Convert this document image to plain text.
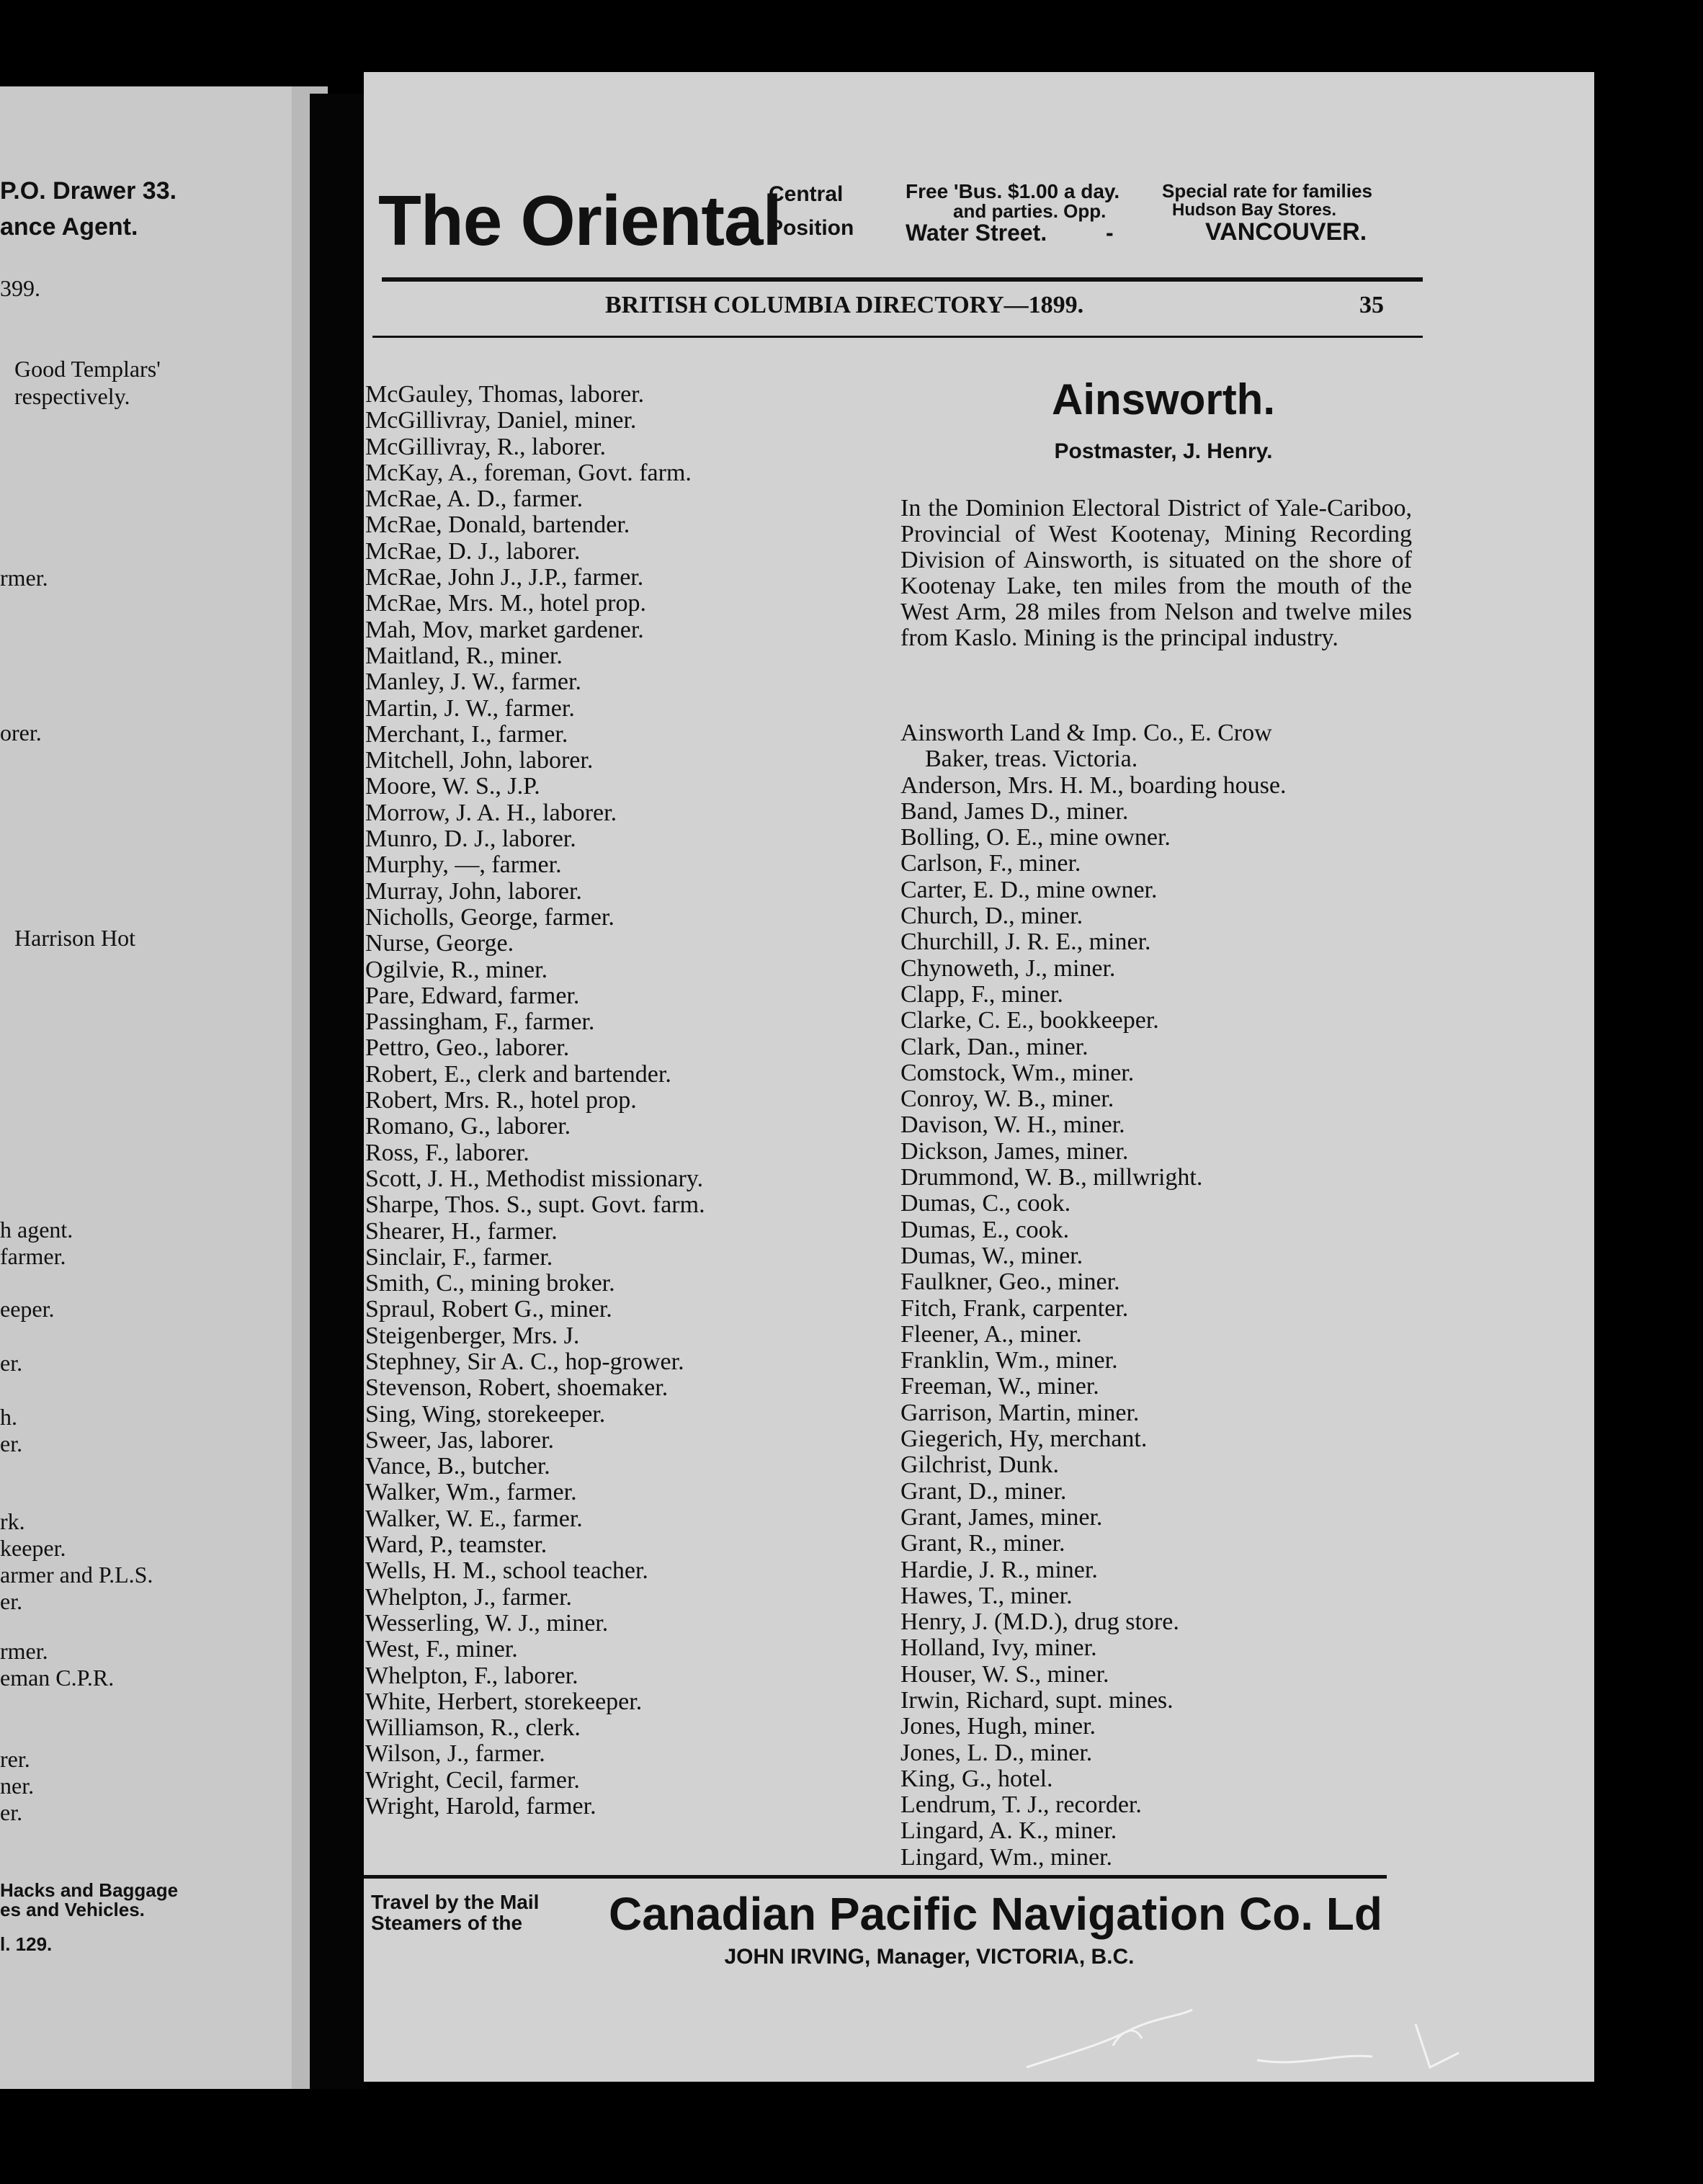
P.O. Drawer 33.
ance Agent.
399.
Good Templars'
respectively.
rmer.
orer.
Harrison Hot
h agent.
farmer.
eeper.
er.
h.
er.
rk.
keeper.
armer and P.L.S.
er.
rmer.
eman C.P.R.
rer.
ner.
er.
Hacks and Baggage
es and Vehicles.
l. 129.
The Oriental
Central
Position
Free 'Bus. $1.00 a day.
and parties. Opp.
Water Street.	-
Special rate for families
Hudson Bay Stores.
VANCOUVER.
BRITISH COLUMBIA DIRECTORY—1899.	35
McGauley, Thomas, laborer.
McGillivray, Daniel, miner.
McGillivray, R., laborer.
McKay, A., foreman, Govt. farm.
McRae, A. D., farmer.
McRae, Donald, bartender.
McRae, D. J., laborer.
McRae, John J., J.P., farmer.
McRae, Mrs. M., hotel prop.
Mah, Mov, market gardener.
Maitland, R., miner.
Manley, J. W., farmer.
Martin, J. W., farmer.
Merchant, I., farmer.
Mitchell, John, laborer.
Moore, W. S., J.P.
Morrow, J. A. H., laborer.
Munro, D. J., laborer.
Murphy, —, farmer.
Murray, John, laborer.
Nicholls, George, farmer.
Nurse, George.
Ogilvie, R., miner.
Pare, Edward, farmer.
Passingham, F., farmer.
Pettro, Geo., laborer.
Robert, E., clerk and bartender.
Robert, Mrs. R., hotel prop.
Romano, G., laborer.
Ross, F., laborer.
Scott, J. H., Methodist missionary.
Sharpe, Thos. S., supt. Govt. farm.
Shearer, H., farmer.
Sinclair, F., farmer.
Smith, C., mining broker.
Spraul, Robert G., miner.
Steigenberger, Mrs. J.
Stephney, Sir A. C., hop-grower.
Stevenson, Robert, shoemaker.
Sing, Wing, storekeeper.
Sweer, Jas, laborer.
Vance, B., butcher.
Walker, Wm., farmer.
Walker, W. E., farmer.
Ward, P., teamster.
Wells, H. M., school teacher.
Whelpton, J., farmer.
Wesserling, W. J., miner.
West, F., miner.
Whelpton, F., laborer.
White, Herbert, storekeeper.
Williamson, R., clerk.
Wilson, J., farmer.
Wright, Cecil, farmer.
Wright, Harold, farmer.
Ainsworth.
Postmaster, J. Henry.
In the Dominion Electoral District of Yale-Cariboo, Provincial of West Kootenay, Mining Recording Division of Ainsworth, is situated on the shore of Kootenay Lake, ten miles from the mouth of the West Arm, 28 miles from Nelson and twelve miles from Kaslo. Mining is the principal industry.
Ainsworth Land & Imp. Co., E. Crow
Baker, treas. Victoria.
Anderson, Mrs. H. M., boarding house.
Band, James D., miner.
Bolling, O. E., mine owner.
Carlson, F., miner.
Carter, E. D., mine owner.
Church, D., miner.
Churchill, J. R. E., miner.
Chynoweth, J., miner.
Clapp, F., miner.
Clarke, C. E., bookkeeper.
Clark, Dan., miner.
Comstock, Wm., miner.
Conroy, W. B., miner.
Davison, W. H., miner.
Dickson, James, miner.
Drummond, W. B., millwright.
Dumas, C., cook.
Dumas, E., cook.
Dumas, W., miner.
Faulkner, Geo., miner.
Fitch, Frank, carpenter.
Fleener, A., miner.
Franklin, Wm., miner.
Freeman, W., miner.
Garrison, Martin, miner.
Giegerich, Hy, merchant.
Gilchrist, Dunk.
Grant, D., miner.
Grant, James, miner.
Grant, R., miner.
Hardie, J. R., miner.
Hawes, T., miner.
Henry, J. (M.D.), drug store.
Holland, Ivy, miner.
Houser, W. S., miner.
Irwin, Richard, supt. mines.
Jones, Hugh, miner.
Jones, L. D., miner.
King, G., hotel.
Lendrum, T. J., recorder.
Lingard, A. K., miner.
Lingard, Wm., miner.
Travel by the Mail
Steamers of the Canadian Pacific Navigation Co. Ld
JOHN IRVING, Manager, VICTORIA, B.C.
